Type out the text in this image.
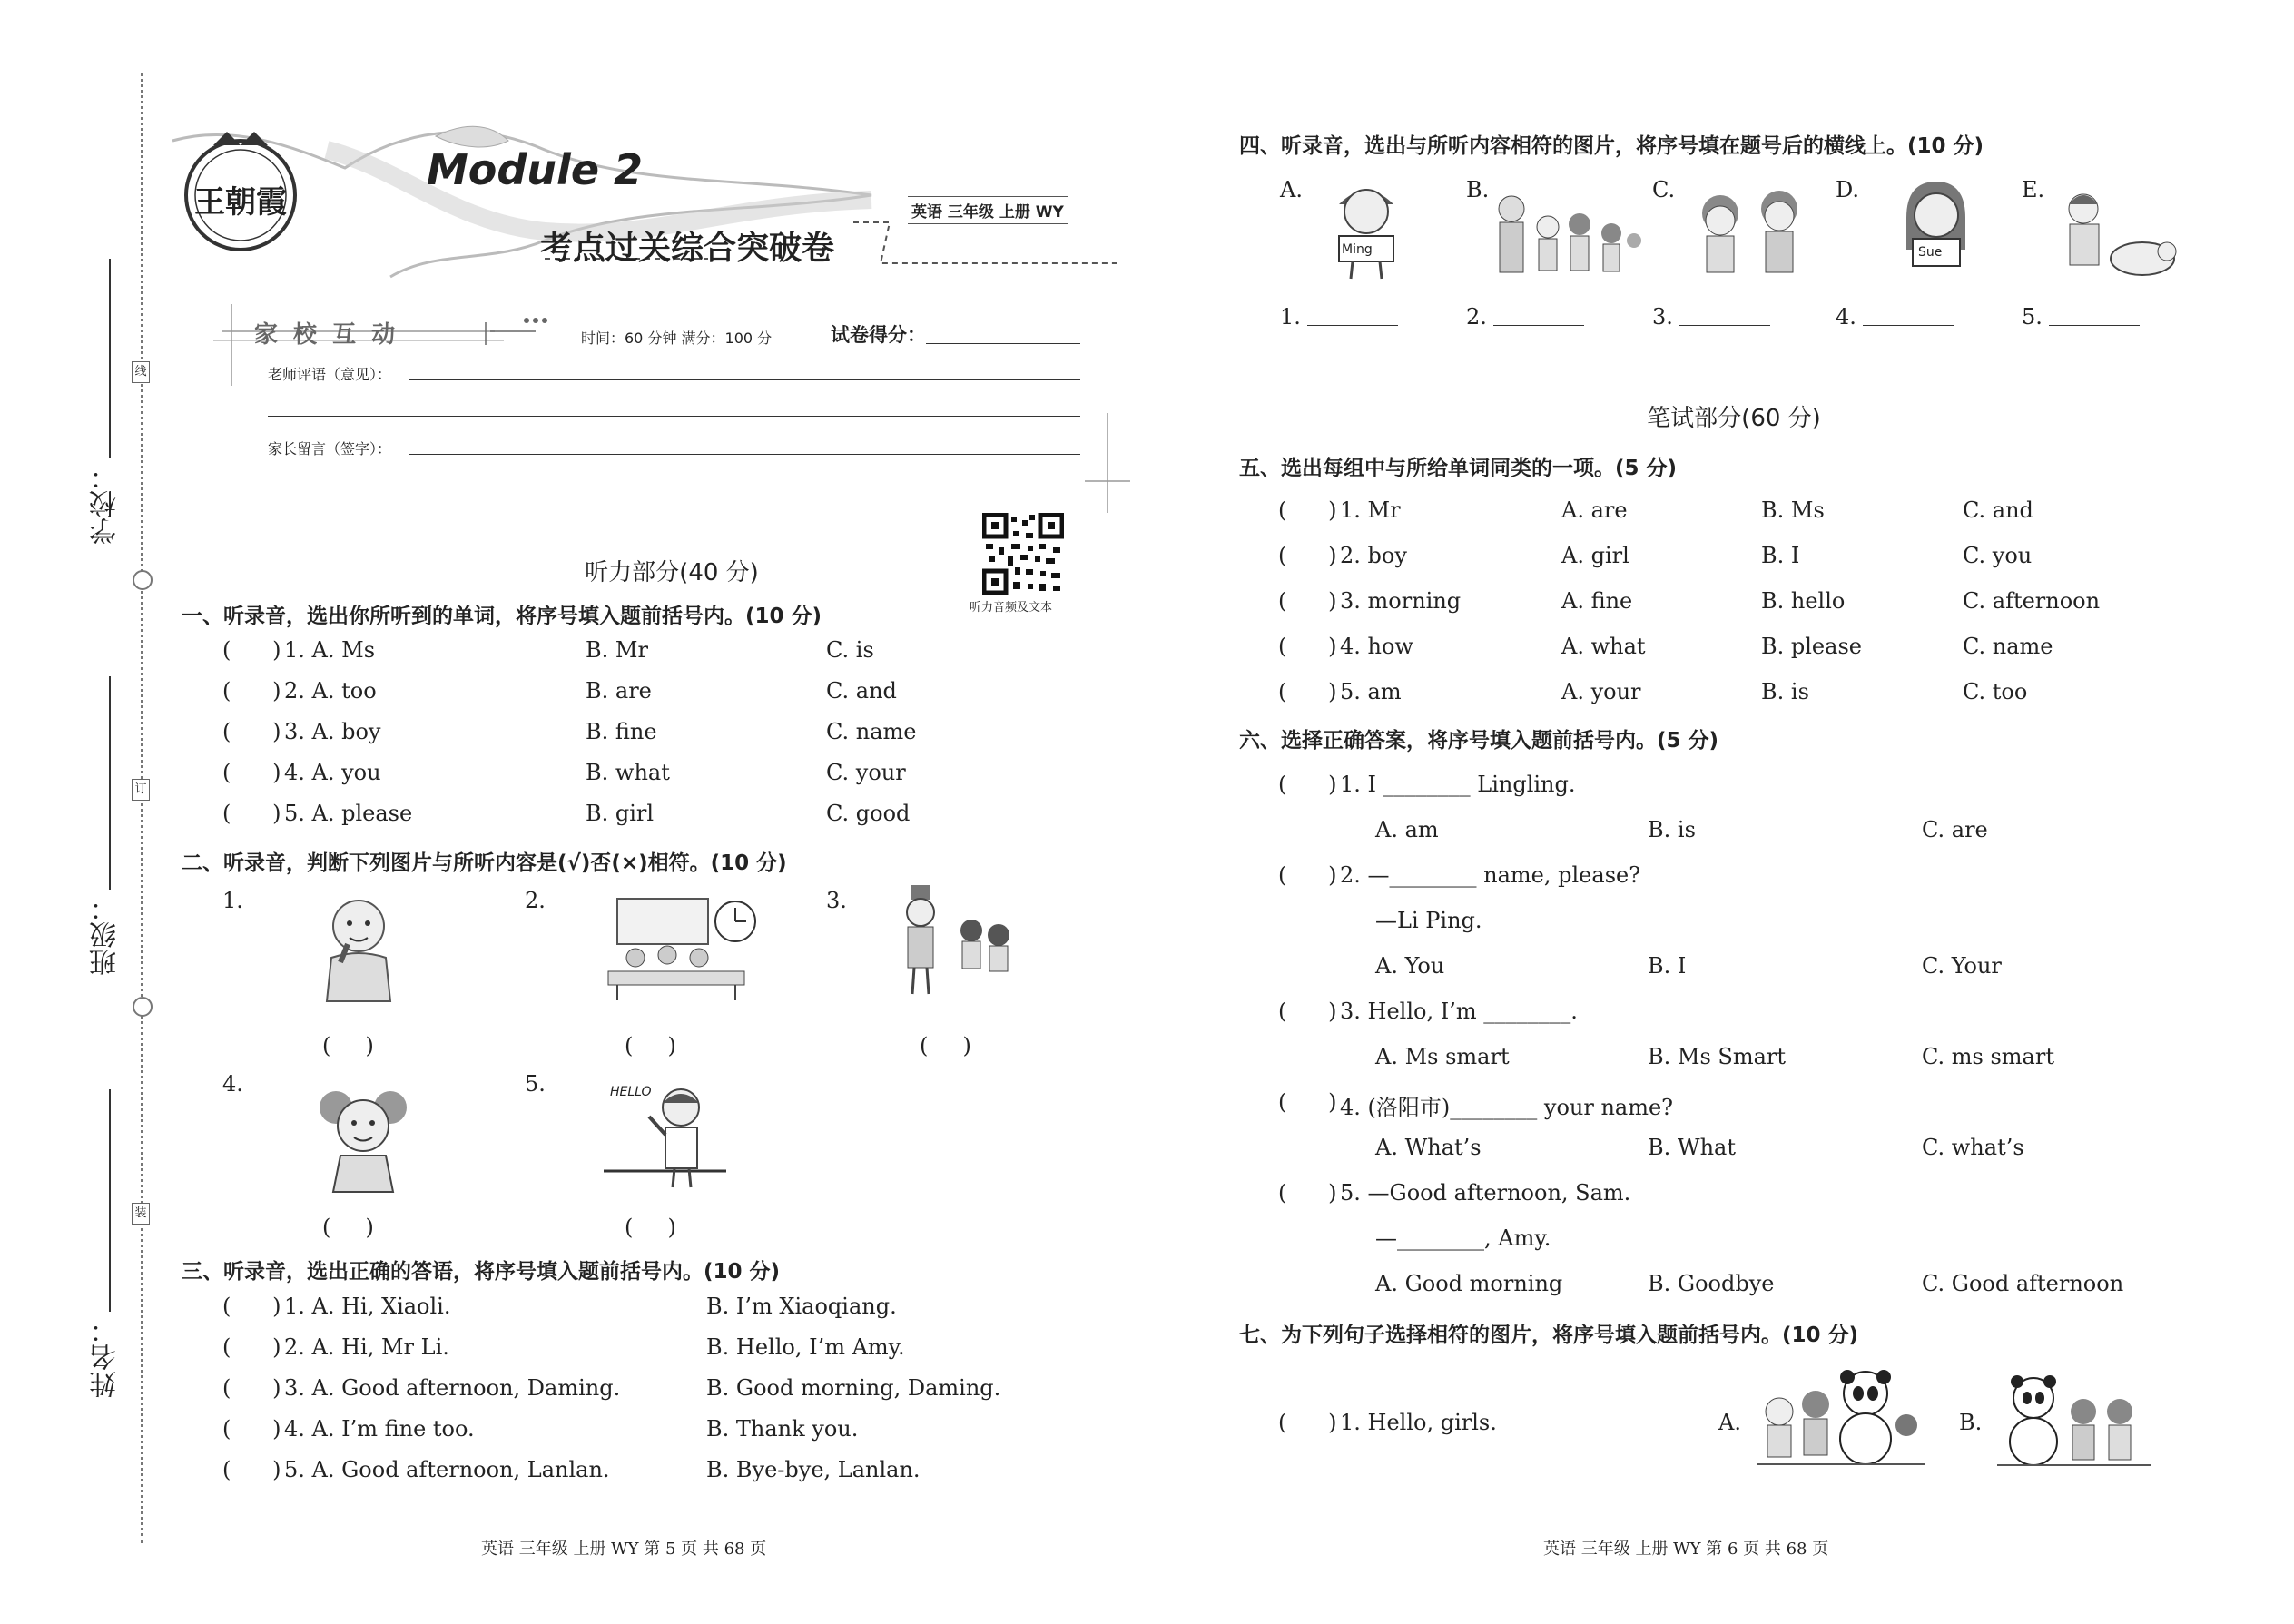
线
订
装
学校：
班级：
姓名：
王朝霞
Module 2
考点过关综合突破卷
英语 三年级 上册 WY
家 校 互 动	时间：60 分钟 满分：100 分	试卷得分：
老师评语（意见）：
家长留言（签字）：
听力音频及文本
听力部分(40 分)
一、听录音，选出你所听到的单词，将序号填入题前括号内。(10 分)
(      ) 1. A. Ms	B. Mr	C. is
(      ) 2. A. too	B. are	C. and
(      ) 3. A. boy	B. fine	C. name
(      ) 4. A. you	B. what	C. your
(      ) 5. A. please	B. girl	C. good
二、听录音，判断下列图片与所听内容是(√)否(×)相符。(10 分)
1.	2.	3.
4.	5.
(     )	(     )	(     )
HELLO
(     )	(     )
三、听录音，选出正确的答语，将序号填入题前括号内。(10 分)
(      ) 1. A. Hi, Xiaoli.	B. I’m Xiaoqiang.
(      ) 2. A. Hi, Mr Li.	B. Hello, I’m Amy.
(      ) 3. A. Good afternoon, Daming.	B. Good morning, Daming.
(      ) 4. A. I’m fine too.	B. Thank you.
(      ) 5. A. Good afternoon, Lanlan.	B. Bye-bye, Lanlan.
英语 三年级 上册 WY 第 5 页 共 68 页
四、听录音，选出与所听内容相符的图片，将序号填在题号后的横线上。(10 分)
A.	B.	C.	D.	E.
Ming	Sue
1.	2.	3.	4.	5.
笔试部分(60 分)
五、选出每组中与所给单词同类的一项。(5 分)
(      ) 1. Mr	A. are	B. Ms	C. and
(      ) 2. boy	A. girl	B. I	C. you
(      ) 3. morning	A. fine	B. hello	C. afternoon
(      ) 4. how	A. what	B. please	C. name
(      ) 5. am	A. your	B. is	C. too
六、选择正确答案，将序号填入题前括号内。(5 分)
(      ) 1. I ________ Lingling.
A. am	B. is	C. are
(      ) 2. —________ name, please?
—Li Ping.
A. You	B. I	C. Your
(      ) 3. Hello, I’m ________.
A. Ms smart	B. Ms Smart	C. ms smart
(      ) 4. (洛阳市)________ your name?
A. What’s	B. What	C. what’s
(      ) 5. —Good afternoon, Sam.
—________, Amy.
A. Good morning	B. Goodbye	C. Good afternoon
七、为下列句子选择相符的图片，将序号填入题前括号内。(10 分)
(      ) 1. Hello, girls.	A.	B.
英语 三年级 上册 WY 第 6 页 共 68 页
